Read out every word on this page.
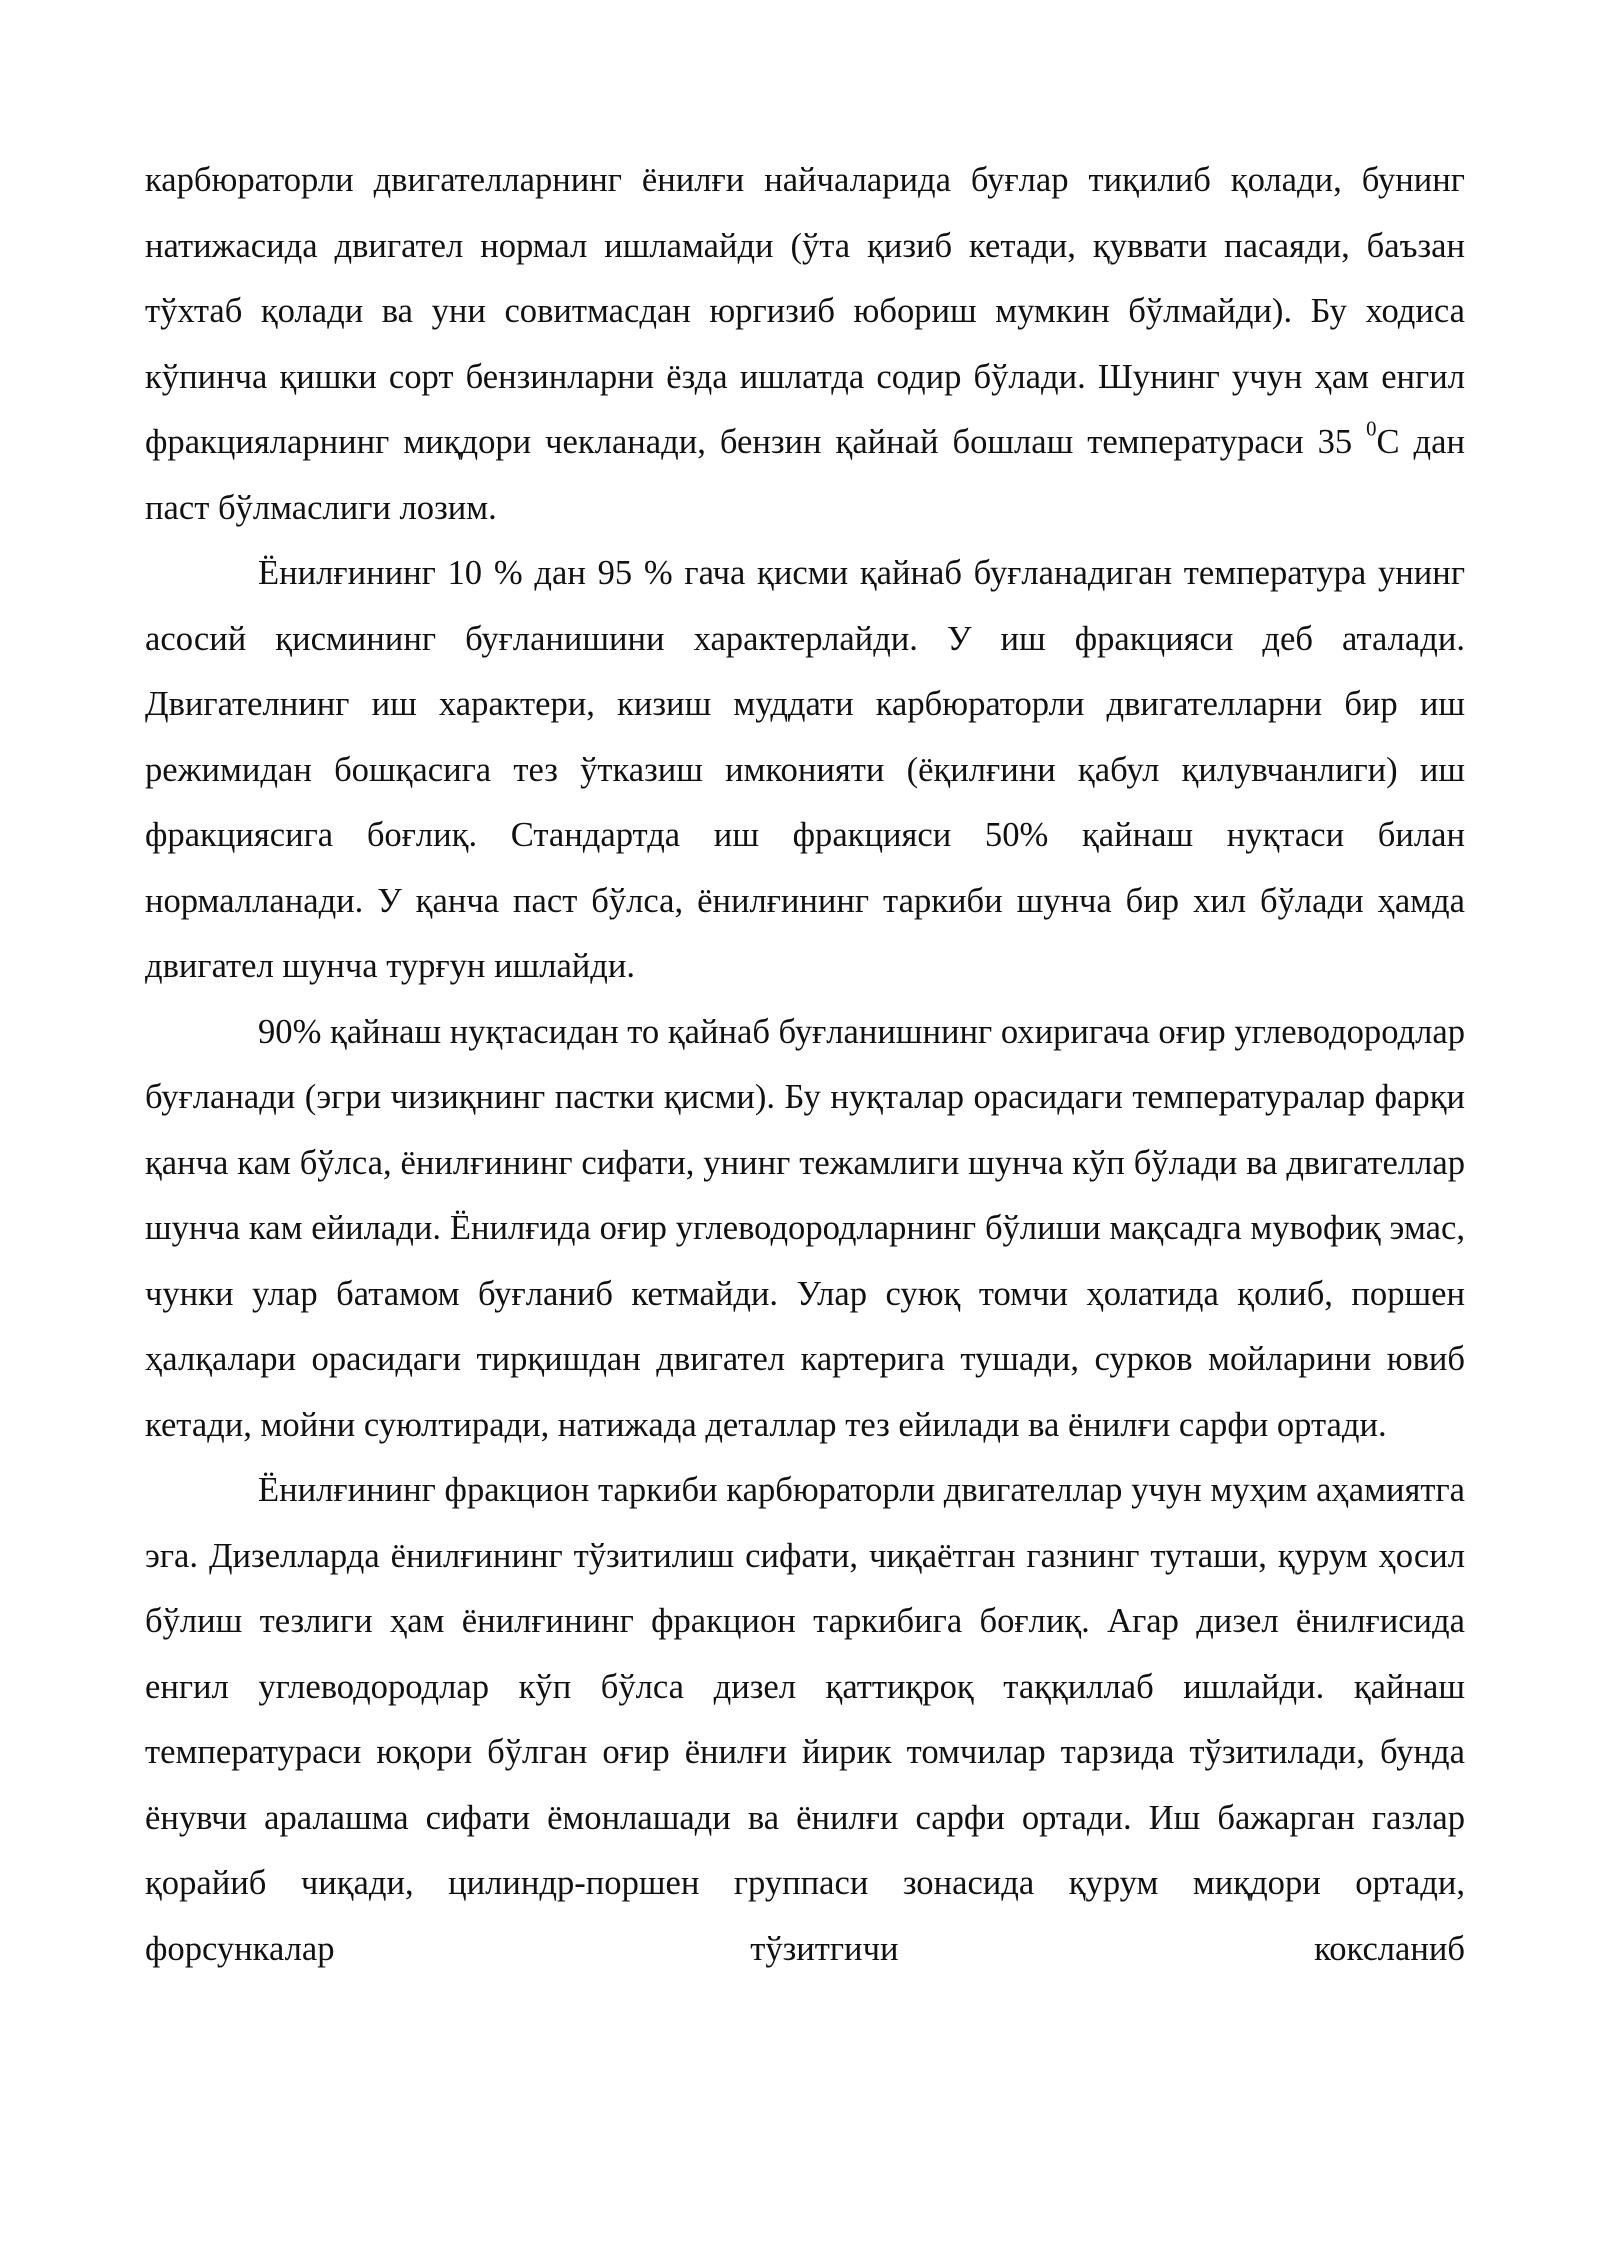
карбюраторли двигателларнинг ёнилғи найчаларида буғлар тиқилиб қолади, бунинг натижасида двигател нормал ишламайди (ўта қизиб кетади, қуввати пасаяди, баъзан тўхтаб қолади ва уни совитмасдан юргизиб юбориш мумкин бўлмайди). Бу ходиса кўпинча қишки сорт бензинларни ёзда ишлатда содир бўлади. Шунинг учун ҳам енгил фракцияларнинг миқдори чекланади, бензин қайнай бошлаш температураси 35 $^0$С дан паст бўлмаслиги лозим.

Ёнилғининг 10 % дан 95 % гача қисми қайнаб буғланадиган температура унинг асосий қисмининг буғланишини характерлайди. У иш фракцияси деб аталади. Двигателнинг иш характери, кизиш муддати карбюраторли двигателларни бир иш режимидан бошқасига тез ўтказиш имконияти (ёқилғини қабул қилувчанлиги) иш фракциясига боғлиқ. Стандартда иш фракцияси 50% қайнаш нуқтаси билан нормалланади. У қанча паст бўлса, ёнилғининг таркиби шунча бир хил бўлади ҳамда двигател шунча турғун ишлайди.

90% қайнаш нуқтасидан то қайнаб буғланишнинг охиригача оғир углеводородлар буғланади (эгри чизиқнинг пастки қисми). Бу нуқталар орасидаги температуралар фарқи қанча кам бўлса, ёнилғининг сифати, унинг тежамлиги шунча кўп бўлади ва двигателлар шунча кам ейилади. Ёнилғида оғир углеводородларнинг бўлиши мақсадга мувофиқ эмас, чунки улар батамом буғланиб кетмайди. Улар суюқ томчи ҳолатида қолиб, поршен ҳалқалари орасидаги тирқишдан двигател картерига тушади, сурков мойларини ювиб кетади, мойни суюлтиради, натижада деталлар тез ейилади ва ёнилғи сарфи ортади.

Ёнилғининг фракцион таркиби карбюраторли двигателлар учун муҳим аҳамиятга эга. Дизелларда ёнилғининг тўзитилиш сифати, чиқаётган газнинг туташи, қурум ҳосил бўлиш тезлиги ҳам ёнилғининг фракцион таркибига боғлиқ. Агар дизел ёнилғисида енгил углеводородлар кўп бўлса дизел қаттиқроқ таққиллаб ишлайди. қайнаш температураси юқори бўлган оғир ёнилғи йирик томчилар тарзида тўзитилади, бунда ёнувчи аралашма сифати ёмонлашади ва ёнилғи сарфи ортади. Иш бажарган газлар қорайиб чиқади, цилиндр-поршен группаси зонасида қурум миқдори ортади, форсункалар тўзитгичи коксланиб
